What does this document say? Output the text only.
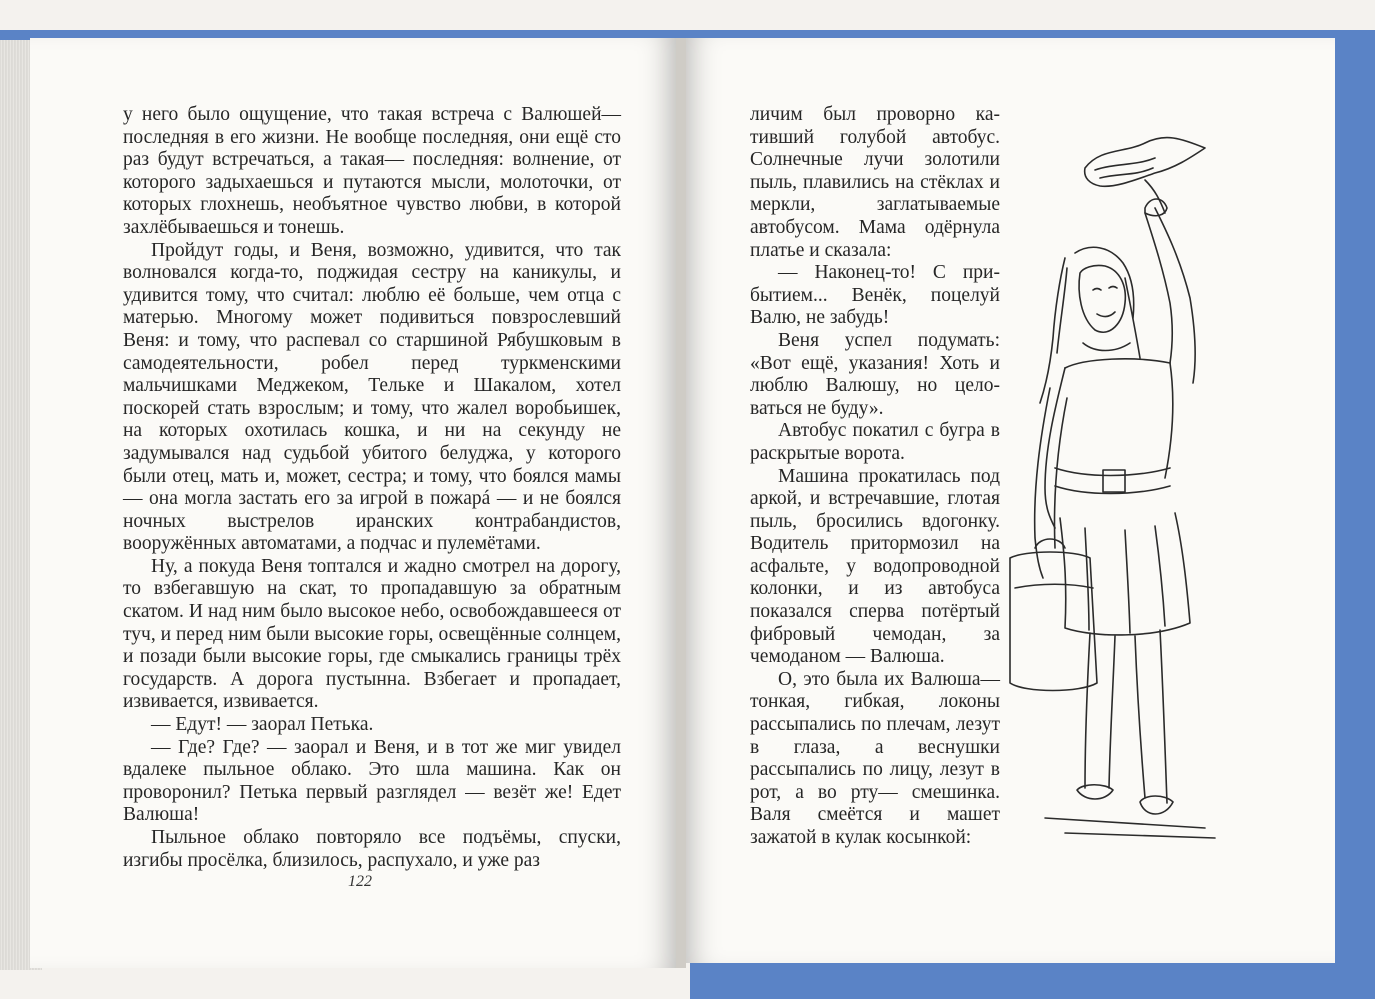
у него было ощущение, что такая встреча с Валюшей— последняя в его жизни. Не вообще последняя, они ещё сто раз будут встречаться, а такая— последняя: волнение, от которого задыхаешься и путаются мысли, молоточки, от которых глохнешь, необъятное чувство любви, в которой захлёбываешься и тонешь.

Пройдут годы, и Веня, возможно, удивится, что так волновался когда-то, поджидая сестру на каникулы, и удивится тому, что считал: люблю её больше, чем отца с матерью. Многому может подивиться повзрослевший Веня: и тому, что распевал со старшиной Рябушковым в самодеятельности, робел перед туркменскими мальчишками Меджеком, Тельке и Шакалом, хотел поскорей стать взрослым; и тому, что жалел воробьишек, на которых охотилась кошка, и ни на секунду не задумывался над судьбой убитого белуджа, у которого были отец, мать и, может, сестра; и тому, что боялся мамы — она могла застать его за игрой в пожарá — и не боялся ночных выстрелов иранских контрабандистов, вооружённых автоматами, а подчас и пулемётами.

Ну, а покуда Веня топтался и жадно смотрел на дорогу, то взбегавшую на скат, то пропадавшую за обратным скатом. И над ним было высокое небо, освобождавшееся от туч, и перед ним были высокие горы, освещённые солнцем, и позади были высокие горы, где смыкались границы трёх государств. А дорога пустынна. Взбегает и пропадает, извивается, извивается.

— Едут! — заорал Петька.

— Где? Где? — заорал и Веня, и в тот же миг увидел вдалеке пыльное облако. Это шла машина. Как он проворонил? Петька первый разглядел — везёт же! Едет Валюша!

Пыльное облако повторяло все подъёмы, спуски, изгибы просёлка, близилось, распухало, и уже раз

122

личим был проворно кативший голубой автобус. Солнечные лучи золотили пыль, плавились на стёклах и меркли, заглатываемые автобусом. Мама одёрнула платье и сказала:

— Наконец-то! С прибытием... Венёк, поцелуй Валю, не забудь!

Веня успел подумать: «Вот ещё, указания! Хоть и люблю Валюшу, но целоваться не буду».

Автобус покатил с бугра в раскрытые ворота.

Машина прокатилась под аркой, и встречавшие, глотая пыль, бросились вдогонку. Водитель притормозил на асфальте, у водопроводной колонки, и из автобуса показался сперва потёртый фибровый чемодан, за чемоданом — Валюша.

О, это была их Валюша—тонкая, гибкая, локоны рассыпались по плечам, лезут в глаза, а веснушки рассыпались по лицу, лезут в рот, а во рту— смешинка. Валя смеётся и машет зажатой в кулак косынкой:
